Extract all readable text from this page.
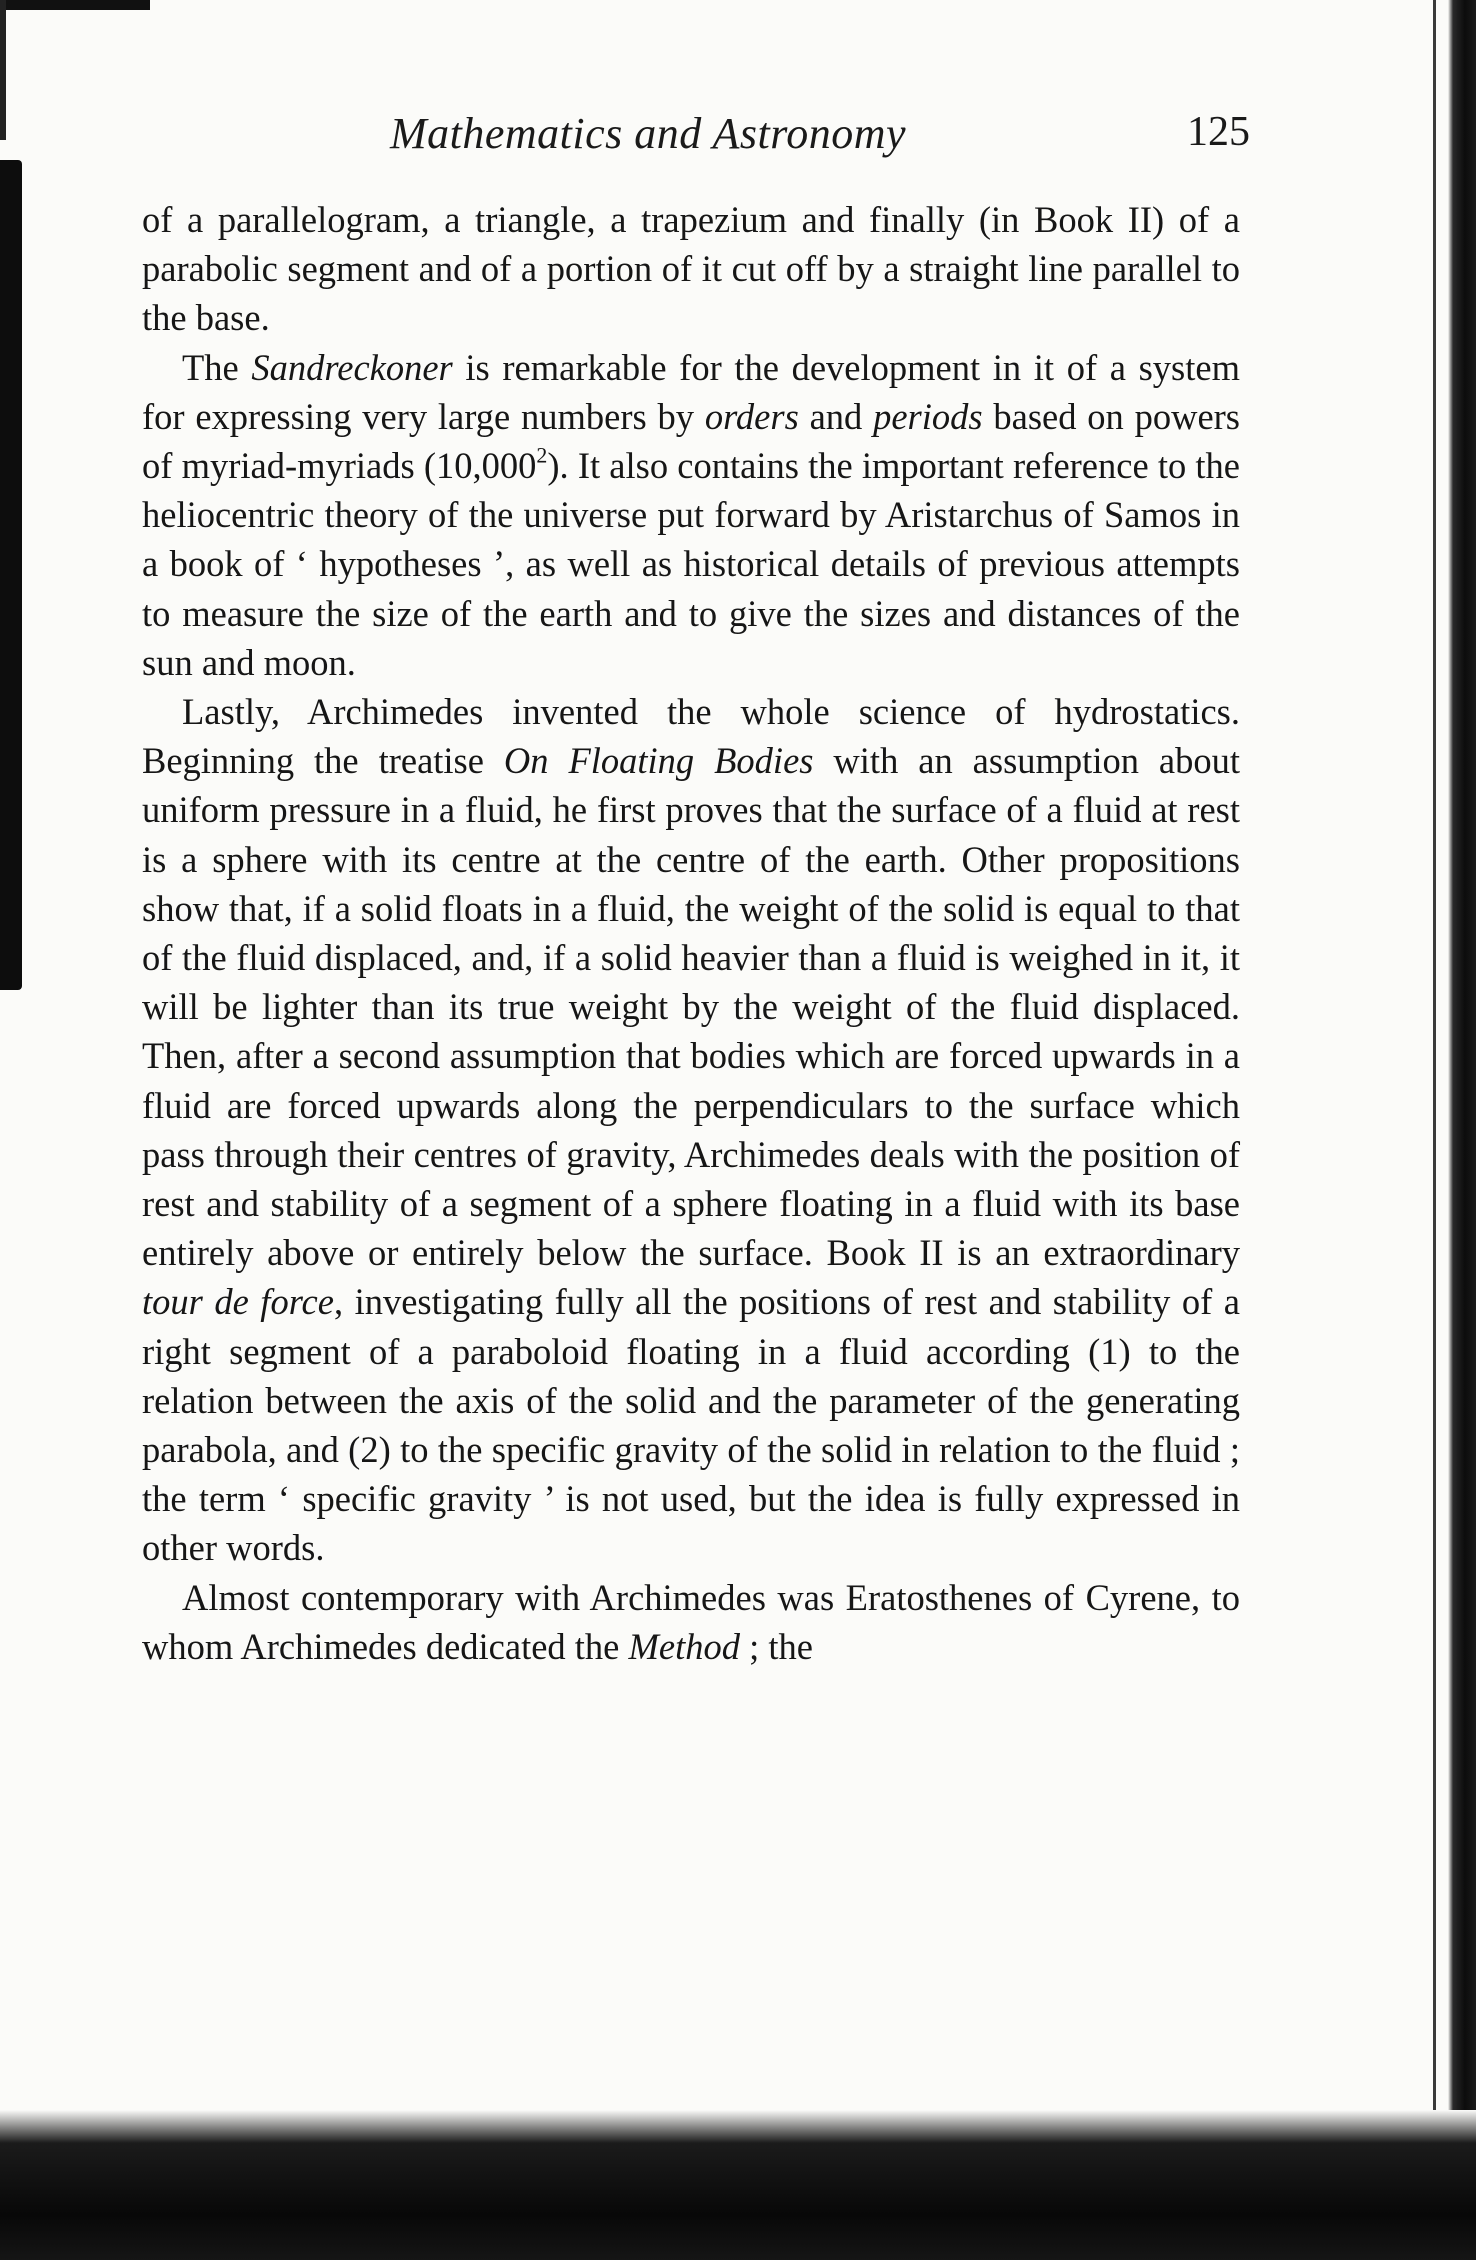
Mathematics and Astronomy	125

of a parallelogram, a triangle, a trapezium and finally (in Book II) of a parabolic segment and of a portion of it cut off by a straight line parallel to the base.

The Sandreckoner is remarkable for the development in it of a system for expressing very large numbers by orders and periods based on powers of myriad-myriads (10,000$^2$). It also contains the important reference to the heliocentric theory of the universe put forward by Aristarchus of Samos in a book of ‘ hypotheses ’, as well as historical details of previous attempts to measure the size of the earth and to give the sizes and distances of the sun and moon.

Lastly, Archimedes invented the whole science of hydrostatics. Beginning the treatise On Floating Bodies with an assumption about uniform pressure in a fluid, he first proves that the surface of a fluid at rest is a sphere with its centre at the centre of the earth. Other propositions show that, if a solid floats in a fluid, the weight of the solid is equal to that of the fluid displaced, and, if a solid heavier than a fluid is weighed in it, it will be lighter than its true weight by the weight of the fluid displaced. Then, after a second assumption that bodies which are forced upwards in a fluid are forced upwards along the perpendiculars to the surface which pass through their centres of gravity, Archimedes deals with the position of rest and stability of a segment of a sphere floating in a fluid with its base entirely above or entirely below the surface. Book II is an extraordinary tour de force, investigating fully all the positions of rest and stability of a right segment of a paraboloid floating in a fluid according (1) to the relation between the axis of the solid and the parameter of the generating parabola, and (2) to the specific gravity of the solid in relation to the fluid ; the term ‘ specific gravity ’ is not used, but the idea is fully expressed in other words.

Almost contemporary with Archimedes was Eratosthenes of Cyrene, to whom Archimedes dedicated the Method ; the
